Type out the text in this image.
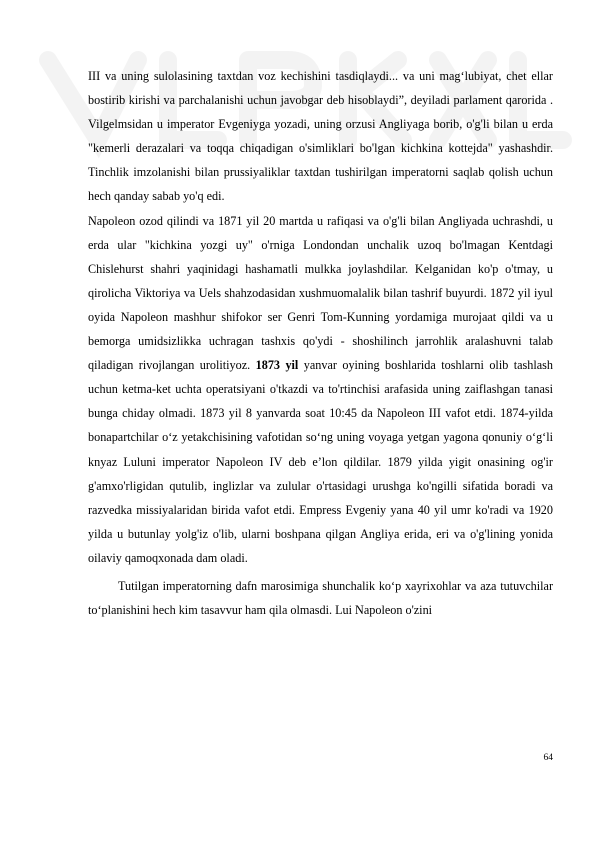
III va uning sulolasining taxtdan voz kechishini tasdiqlaydi... va uni mag‘lubiyat, chet ellar bostirib kirishi va parchalanishi uchun javobgar deb hisoblaydi”, deyiladi parlament qarorida . Vilgelmsidan u imperator Evgeniyga yozadi, uning orzusi Angliyaga borib, o'g'li bilan u erda "kemerli derazalari va toqqa chiqadigan o'simliklari bo'lgan kichkina kottejda" yashashdir. Tinchlik imzolanishi bilan prussiyaliklar taxtdan tushirilgan imperatorni saqlab qolish uchun hech qanday sabab yo'q edi.

Napoleon ozod qilindi va 1871 yil 20 martda u rafiqasi va o'g'li bilan Angliyada uchrashdi, u erda ular "kichkina yozgi uy" o'rniga Londondan unchalik uzoq bo'lmagan Kentdagi Chislehurst shahri yaqinidagi hashamatli mulkka joylashdilar. Kelganidan ko'p o'tmay, u qirolicha Viktoriya va Uels shahzodasidan xushmuomalalik bilan tashrif buyurdi. 1872 yil iyul oyida Napoleon mashhur shifokor ser Genri Tom-Kunning yordamiga murojaat qildi va u bemorga umidsizlikka uchragan tashxis qo'ydi - shoshilinch jarrohlik aralashuvni talab qiladigan rivojlangan urolitiyoz. 1873 yil yanvar oyining boshlarida toshlarni olib tashlash uchun ketma-ket uchta operatsiyani o'tkazdi va to'rtinchisi arafasida uning zaiflashgan tanasi bunga chiday olmadi. 1873 yil 8 yanvarda soat 10:45 da Napoleon III vafot etdi. 1874-yilda bonapartchilar o‘z yetakchisining vafotidan so‘ng uning voyaga yetgan yagona qonuniy o‘g‘li knyaz Luluni imperator Napoleon IV deb e’lon qildilar. 1879 yilda yigit onasining og'ir g'amxo'rligidan qutulib, inglizlar va zulular o'rtasidagi urushga ko'ngilli sifatida boradi va razvedka missiyalaridan birida vafot etdi. Empress Evgeniy yana 40 yil umr ko'radi va 1920 yilda u butunlay yolg'iz o'lib, ularni boshpana qilgan Angliya erida, eri va o'g'lining yonida oilaviy qamoqxonada dam oladi.

Tutilgan imperatorning dafn marosimiga shunchalik ko‘p xayrixohlar va aza tutuvchilar to‘planishini hech kim tasavvur ham qila olmasdi. Lui Napoleon o'zini

64
